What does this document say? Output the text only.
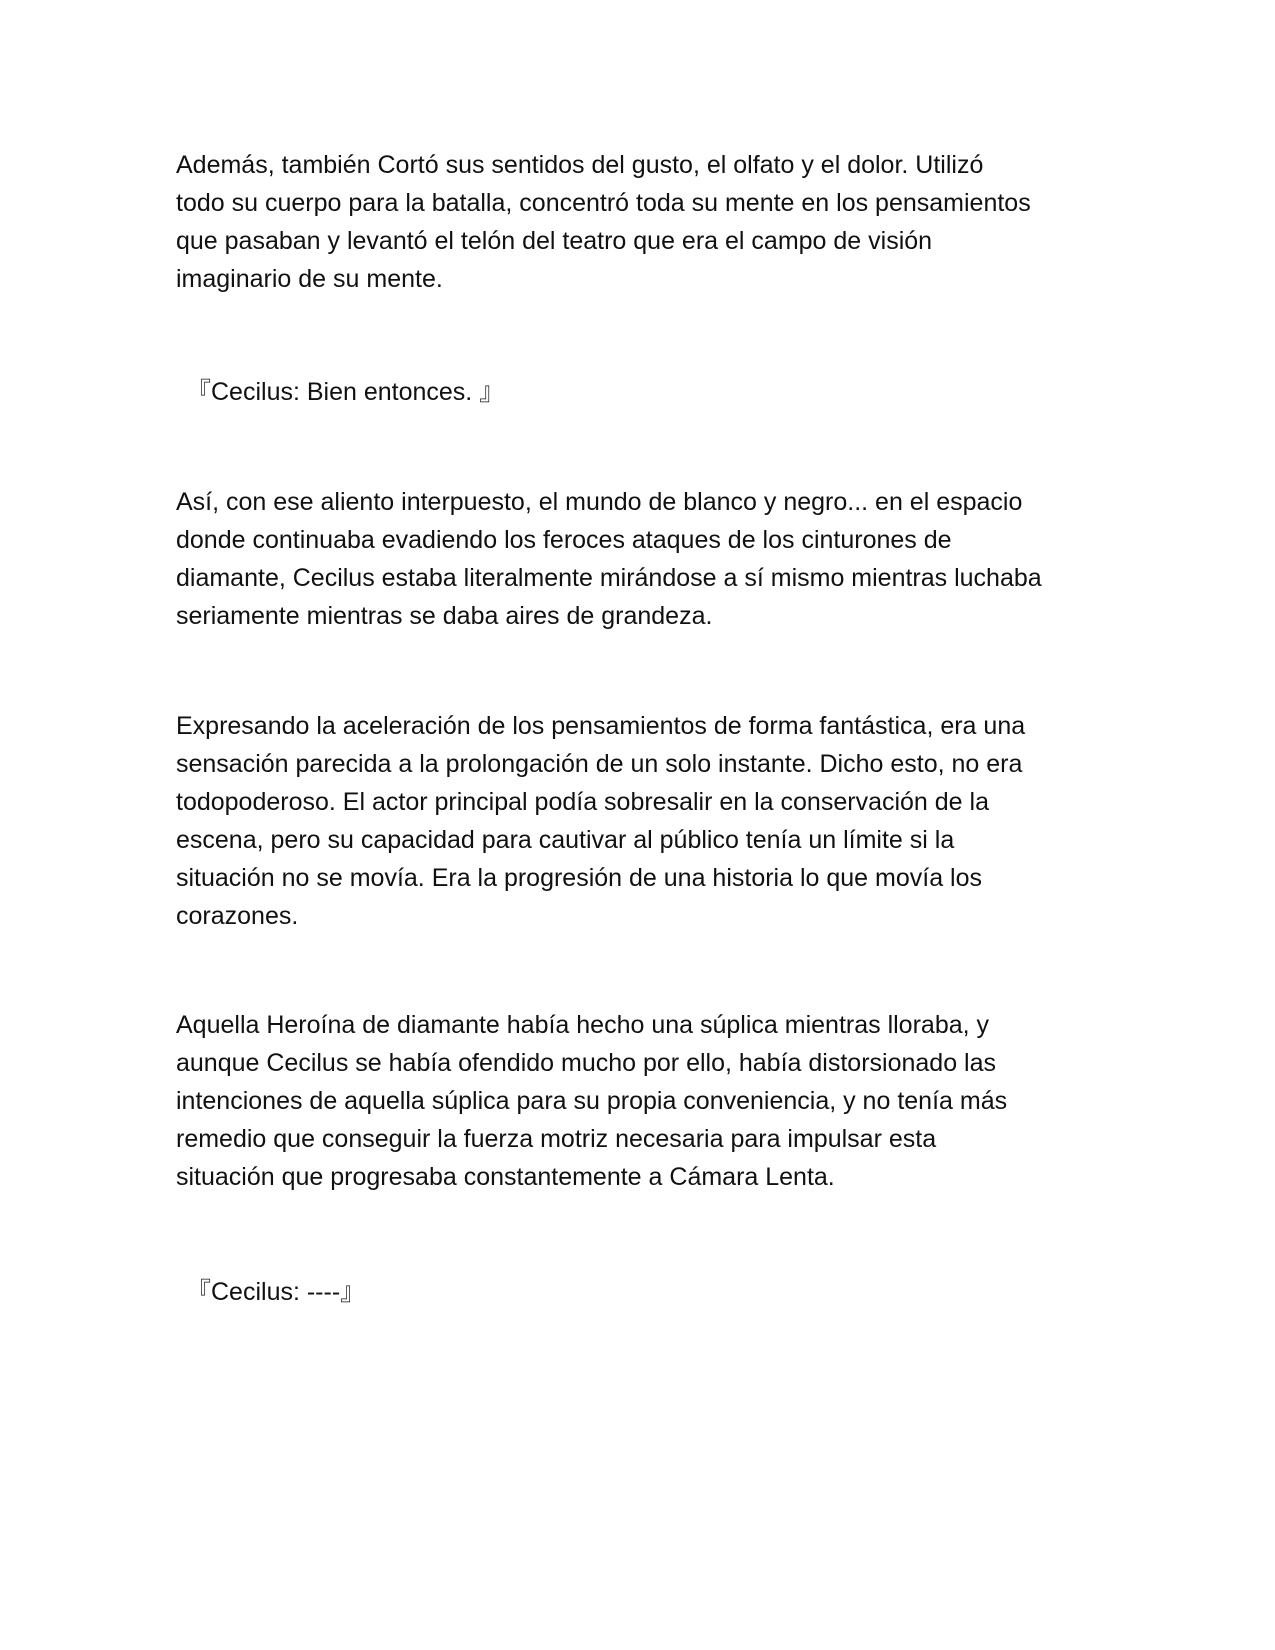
Además, también Cortó sus sentidos del gusto, el olfato y el dolor. Utilizó
todo su cuerpo para la batalla, concentró toda su mente en los pensamientos
que pasaban y levantó el telón del teatro que era el campo de visión
imaginario de su mente.

『Cecilus: Bien entonces. 』

Así, con ese aliento interpuesto, el mundo de blanco y negro... en el espacio
donde continuaba evadiendo los feroces ataques de los cinturones de
diamante, Cecilus estaba literalmente mirándose a sí mismo mientras luchaba
seriamente mientras se daba aires de grandeza.

Expresando la aceleración de los pensamientos de forma fantástica, era una
sensación parecida a la prolongación de un solo instante. Dicho esto, no era
todopoderoso. El actor principal podía sobresalir en la conservación de la
escena, pero su capacidad para cautivar al público tenía un límite si la
situación no se movía. Era la progresión de una historia lo que movía los
corazones.

Aquella Heroína de diamante había hecho una súplica mientras lloraba, y
aunque Cecilus se había ofendido mucho por ello, había distorsionado las
intenciones de aquella súplica para su propia conveniencia, y no tenía más
remedio que conseguir la fuerza motriz necesaria para impulsar esta
situación que progresaba constantemente a Cámara Lenta.

『Cecilus: ----』
